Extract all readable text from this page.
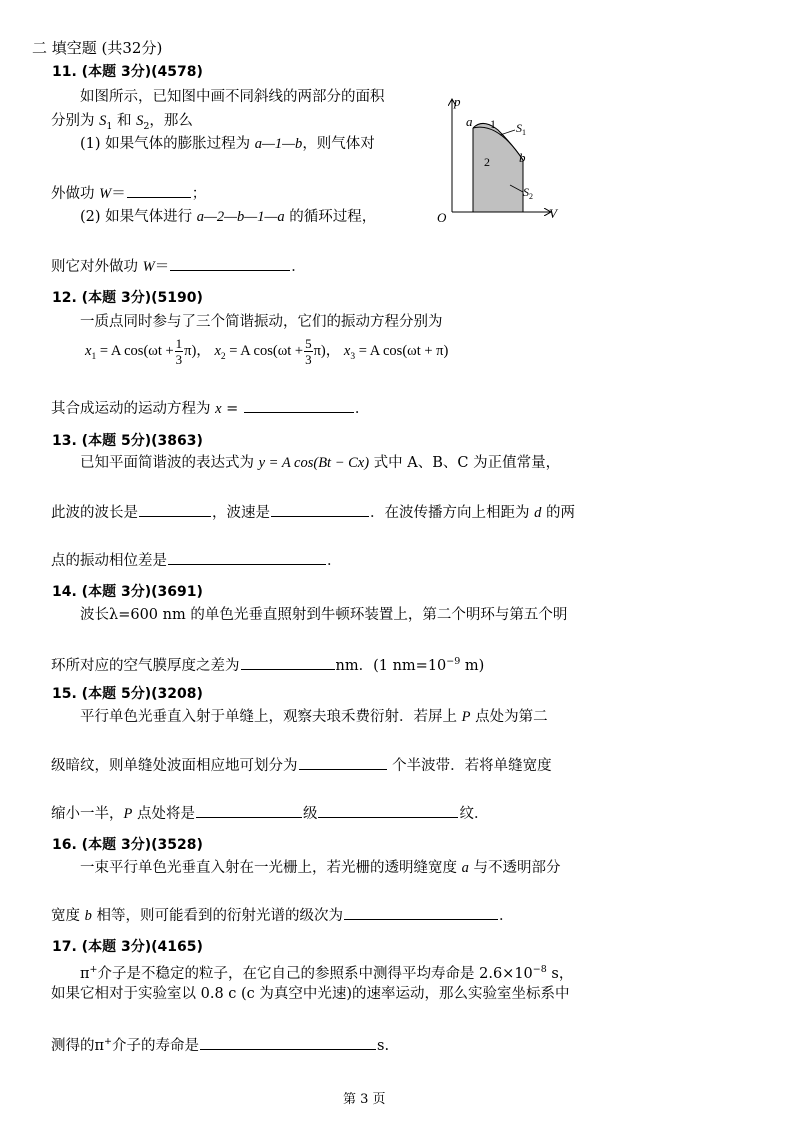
二 填空题 (共32分)
11. (本题 3分)(4578)
如图所示，已知图中画不同斜线的两部分的面积
分别为 $S_1$ 和 $S_2$，那么
(1) 如果气体的膨胀过程为 a—1—b，则气体对
外做功 W＝	；
(2) 如果气体进行 a—2—b—1—a 的循环过程，
则它对外做功 W＝	．
p
V
O
a
b
1
2
$S_1$
$S_2$
12. (本题 3分)(5190)
一质点同时参与了三个简谐振动，它们的振动方程分别为
$x_1 = A$ $\cos(\omega t + \frac{1}{3} \pi)$， $x_2 = A$ $\cos(\omega t + \frac{5}{3} \pi)$， $x_3 = A$ cos(ωt + π)
其合成运动的运动方程为 x =	．
13. (本题 5分)(3863)
已知平面简谐波的表达式为 y = A cos(Bt − Cx) 式中 A、B、C 为正值常量，
此波的波长是	，波速是	．在波传播方向上相距为 d 的两
点的振动相位差是	．
14. (本题 3分)(3691)
波长λ=600 nm 的单色光垂直照射到牛顿环装置上，第二个明环与第五个明
环所对应的空气膜厚度之差为	nm．(1 $nm=10^{-9}$ m)
15. (本题 5分)(3208)
平行单色光垂直入射于单缝上，观察夫琅禾费衍射．若屏上 P 点处为第二
级暗纹，则单缝处波面相应地可划分为	个半波带．若将单缝宽度
缩小一半，P 点处将是	级	纹．
16. (本题 3分)(3528)
一束平行单色光垂直入射在一光栅上，若光栅的透明缝宽度 a 与不透明部分
宽度 b 相等，则可能看到的衍射光谱的级次为	．
17. (本题 3分)(4165)
π+介子是不稳定的粒子，在它自己的参照系中测得平均寿命是 $2.6\times 10^{-8}$ s，
如果它相对于实验室以 0.8 c (c 为真空中光速)的速率运动，那么实验室坐标系中
测得的π+介子的寿命是	s.
第 3 页
